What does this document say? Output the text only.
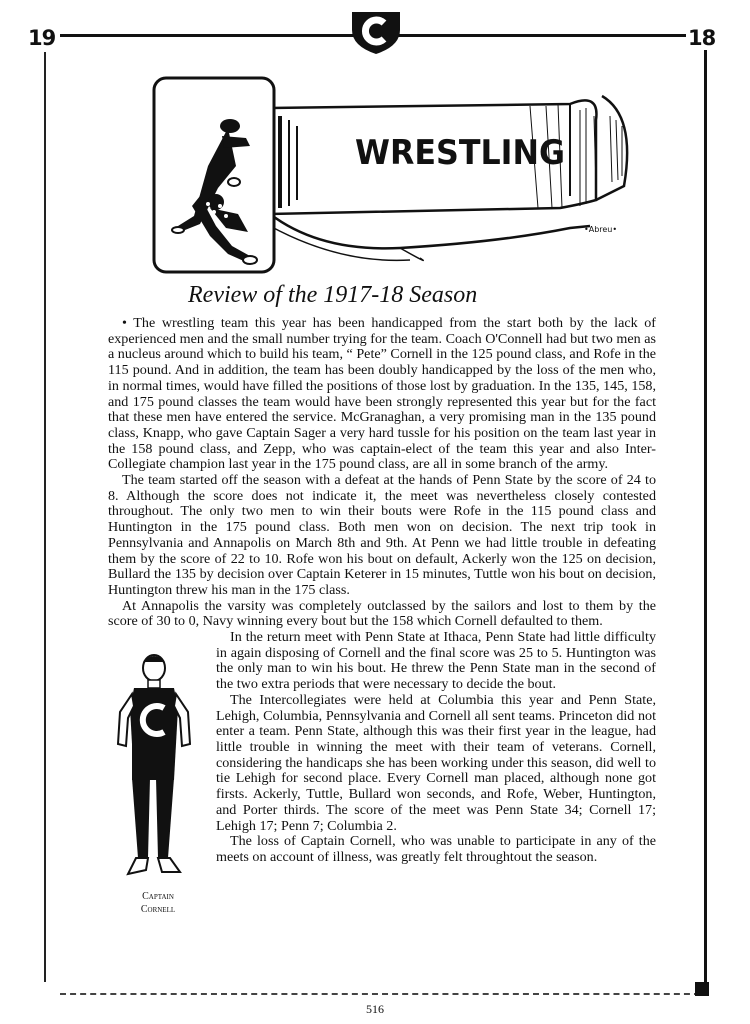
19	18
WRESTLING
•Abreu•
Review of the 1917-18 Season

• The wrestling team this year has been handicapped from the start both by the lack of experienced men and the small number trying for the team. Coach O'Connell had but two men as a nucleus around which to build his team, “ Pete” Cornell in the 125 pound class, and Rofe in the 115 pound. And in addition, the team has been doubly handicapped by the loss of the men who, in normal times, would have filled the positions of those lost by graduation. In the 135, 145, 158, and 175 pound classes the team would have been strongly represented this year but for the fact that these men have entered the service. McGranaghan, a very promising man in the 135 pound class, Knapp, who gave Captain Sager a very hard tussle for his position on the team last year in the 158 pound class, and Zepp, who was captain-elect of the team this year and also Inter-Collegiate champion last year in the 175 pound class, are all in some branch of the army.

The team started off the season with a defeat at the hands of Penn State by the score of 24 to 8. Although the score does not indicate it, the meet was nevertheless closely contested throughout. The only two men to win their bouts were Rofe in the 115 pound class and Huntington in the 175 pound class. Both men won on decision. The next trip took in Pennsylvania and Annapolis on March 8th and 9th. At Penn we had little trouble in defeating them by the score of 22 to 10. Rofe won his bout on default, Ackerly won the 125 on decision, Bullard the 135 by decision over Captain Keterer in 15 minutes, Tuttle won his bout on decision, Huntington threw his man in the 175 class.

At Annapolis the varsity was completely outclassed by the sailors and lost to them by the score of 30 to 0, Navy winning every bout but the 158 which Cornell defaulted to them.

Captain
Cornell

In the return meet with Penn State at Ithaca, Penn State had little difficulty in again disposing of Cornell and the final score was 25 to 5. Huntington was the only man to win his bout. He threw the Penn State man in the second of the two extra periods that were necessary to decide the bout.

The Intercollegiates were held at Columbia this year and Penn State, Lehigh, Columbia, Pennsylvania and Cornell all sent teams. Princeton did not enter a team. Penn State, although this was their first year in the league, had little trouble in winning the meet with their team of veterans. Cornell, considering the handicaps she has been working under this season, did well to tie Lehigh for second place. Every Cornell man placed, although none got firsts. Ackerly, Tuttle, Bullard won seconds, and Rofe, Weber, Huntington, and Porter thirds. The score of the meet was Penn State 34; Cornell 17; Lehigh 17; Penn 7; Columbia 2.

The loss of Captain Cornell, who was unable to participate in any of the meets on account of illness, was greatly felt throughtout the season.

516
